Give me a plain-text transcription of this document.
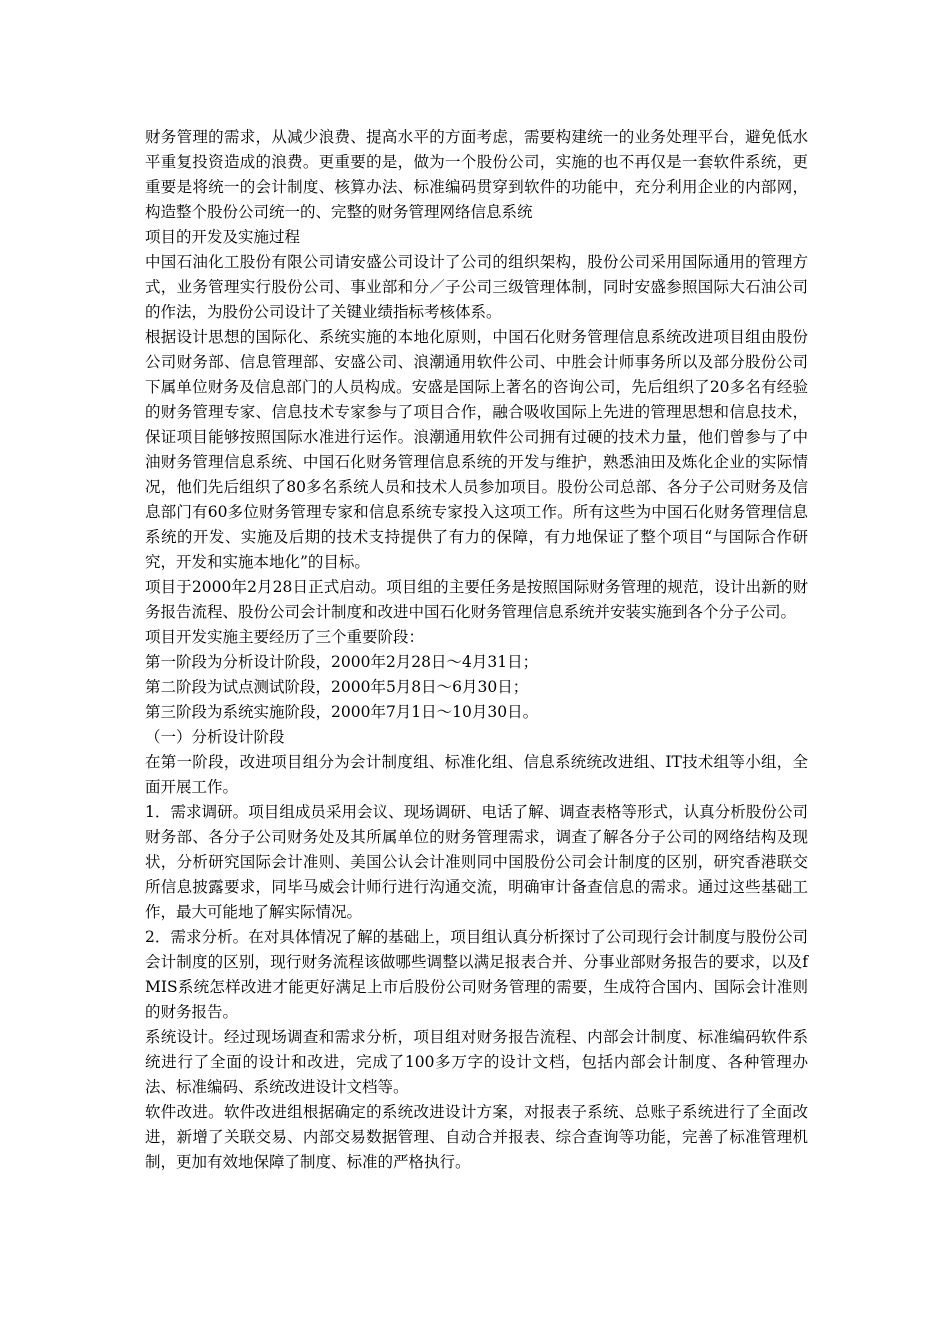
财务管理的需求，从减少浪费、提高水平的方面考虑，需要构建统一的业务处理平台，避免低水平重复投资造成的浪费。更重要的是，做为一个股份公司，实施的也不再仅是一套软件系统，更重要是将统一的会计制度、核算办法、标准编码贯穿到软件的功能中，充分利用企业的内部网，构造整个股份公司统一的、完整的财务管理网络信息系统

项目的开发及实施过程

中国石油化工股份有限公司请安盛公司设计了公司的组织架构，股份公司采用国际通用的管理方式，业务管理实行股份公司、事业部和分／子公司三级管理体制，同时安盛参照国际大石油公司的作法，为股份公司设计了关键业绩指标考核体系。

根据设计思想的国际化、系统实施的本地化原则，中国石化财务管理信息系统改进项目组由股份公司财务部、信息管理部、安盛公司、浪潮通用软件公司、中胜会计师事务所以及部分股份公司下属单位财务及信息部门的人员构成。安盛是国际上著名的咨询公司，先后组织了20多名有经验的财务管理专家、信息技术专家参与了项目合作，融合吸收国际上先进的管理思想和信息技术，保证项目能够按照国际水准进行运作。浪潮通用软件公司拥有过硬的技术力量，他们曾参与了中油财务管理信息系统、中国石化财务管理信息系统的开发与维护，熟悉油田及炼化企业的实际情况，他们先后组织了80多名系统人员和技术人员参加项目。股份公司总部、各分子公司财务及信息部门有60多位财务管理专家和信息系统专家投入这项工作。所有这些为中国石化财务管理信息系统的开发、实施及后期的技术支持提供了有力的保障，有力地保证了整个项目“与国际合作研究，开发和实施本地化”的目标。

项目于2000年2月28日正式启动。项目组的主要任务是按照国际财务管理的规范，设计出新的财务报告流程、股份公司会计制度和改进中国石化财务管理信息系统并安装实施到各个分子公司。

项目开发实施主要经历了三个重要阶段：

第一阶段为分析设计阶段，2000年2月28日～4月31日；

第二阶段为试点测试阶段，2000年5月8日～6月30日；

第三阶段为系统实施阶段，2000年7月1日～10月30日。

（一）分析设计阶段

在第一阶段，改进项目组分为会计制度组、标准化组、信息系统统改进组、IT技术组等小组，全面开展工作。

1．需求调研。项目组成员采用会议、现场调研、电话了解、调查表格等形式，认真分析股份公司财务部、各分子公司财务处及其所属单位的财务管理需求，调查了解各分子公司的网络结构及现状，分析研究国际会计准则、美国公认会计准则同中国股份公司会计制度的区别，研究香港联交所信息披露要求，同毕马威会计师行进行沟通交流，明确审计备查信息的需求。通过这些基础工作，最大可能地了解实际情况。

2．需求分析。在对具体情况了解的基础上，项目组认真分析探讨了公司现行会计制度与股份公司会计制度的区别，现行财务流程该做哪些调整以满足报表合并、分事业部财务报告的要求，以及fMIS系统怎样改进才能更好满足上市后股份公司财务管理的需要，生成符合国内、国际会计准则的财务报告。

系统设计。经过现场调查和需求分析，项目组对财务报告流程、内部会计制度、标准编码软件系统进行了全面的设计和改进，完成了100多万字的设计文档，包括内部会计制度、各种管理办法、标准编码、系统改进设计文档等。

软件改进。软件改进组根据确定的系统改进设计方案，对报表子系统、总账子系统进行了全面改进，新增了关联交易、内部交易数据管理、自动合并报表、综合查询等功能，完善了标准管理机制，更加有效地保障了制度、标准的严格执行。
